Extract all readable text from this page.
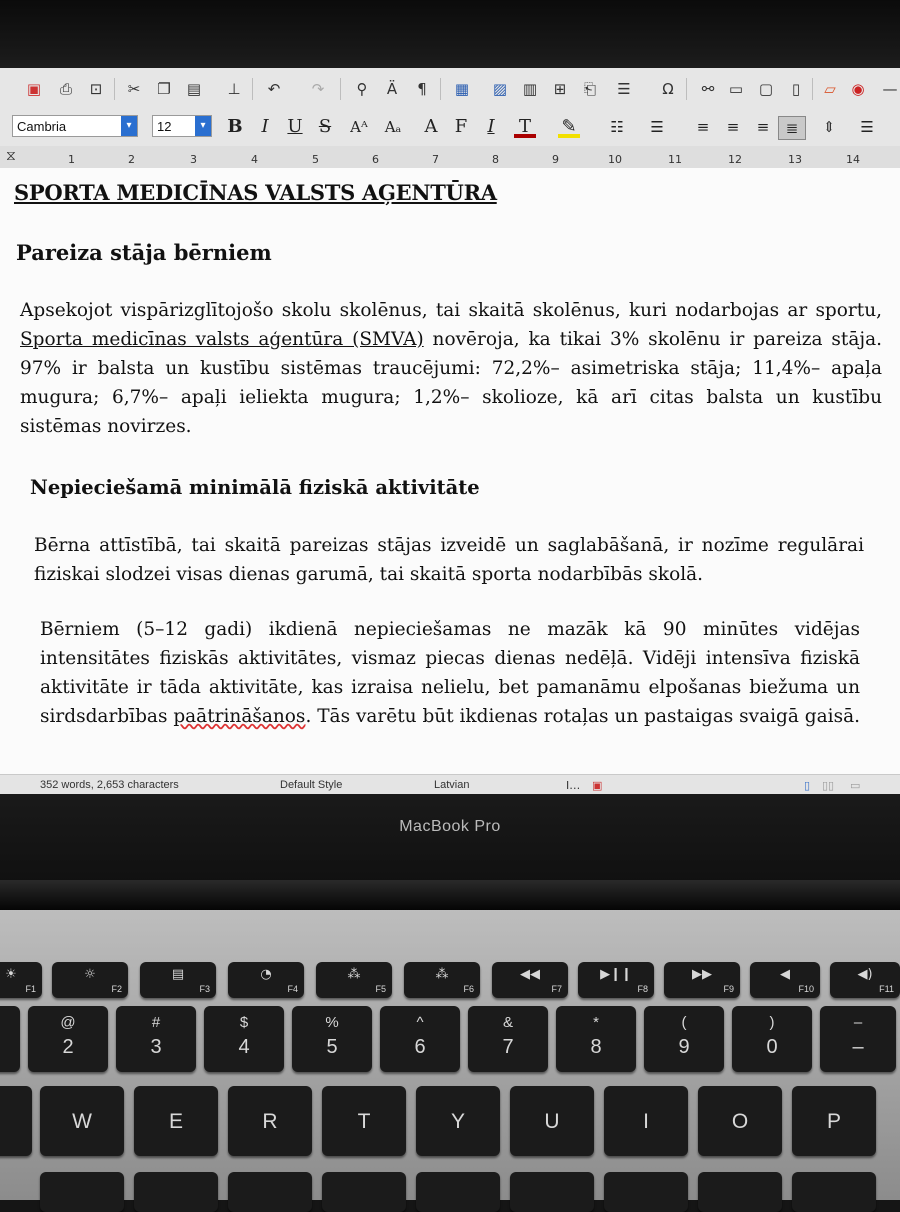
▣	⎙	⊡	✂	❐	▤	⊥	↶	↷	⚲	Ä	¶	▦	▨	▥	⊞	⎗	☰	Ω	⚯ ▭	▢	▯	▱	◉	—
Cambria	▾	12	▾	B	I	U S	Aᴬ Aₐ A F	I	T ✎ ☷ ☰	≡	≡	≡	≣	⇕	☰
⧖	1	2	3	4	5	6	7	8	9	10	11	12	13	14
SPORTA MEDICĪNAS VALSTS AĢENTŪRA
Pareiza stāja bērniem
Apsekojot vispārizglītojošo skolu skolēnus, tai skaitā skolēnus, kuri nodarbojas ar sportu, Sporta medicīnas valsts aģentūra (SMVA) novēroja, ka tikai 3% skolēnu ir pareiza stāja. 97% ir balsta un kustību sistēmas traucējumi: 72,2%– asimetriska stāja; 11,4%– apaļa mugura; 6,7%– apaļi ieliekta mugura; 1,2%– skolioze, kā arī citas balsta un kustību sistēmas novirzes.
Nepieciešamā minimālā fiziskā aktivitāte
Bērna attīstībā, tai skaitā pareizas stājas izveidē un saglabāšanā, ir nozīme regulārai fiziskai slodzei visas dienas garumā, tai skaitā sporta nodarbībās skolā.
Bērniem (5–12 gadi) ikdienā nepieciešamas ne mazāk kā 90 minūtes vidējas intensitātes fiziskās aktivitātes, vismaz piecas dienas nedēļā. Vidēji intensīva fiziskā aktivitāte ir tāda aktivitāte, kas izraisa nelielu, bet pamanāmu elpošanas biežuma un sirdsdarbības paātrināšanos. Tās varētu būt ikdienas rotaļas un pastaigas svaigā gaisā.
352 words, 2,653 characters	Default Style	Latvian	I… ▣	▯ ▯▯ ▭
MacBook Pro
☀
F1
☼
F2
▤
F3
◔
F4
⁂
F5
⁂
F6
◀◀
F7
▶❙❙
F8
▶▶
F9
◀
F10
◀)
F11
@
2
#
3
$
4
%
5
^
6
&
7
*
8
(
9
)
0
–
–
W	E	R	T	Y	U	I	O	P
